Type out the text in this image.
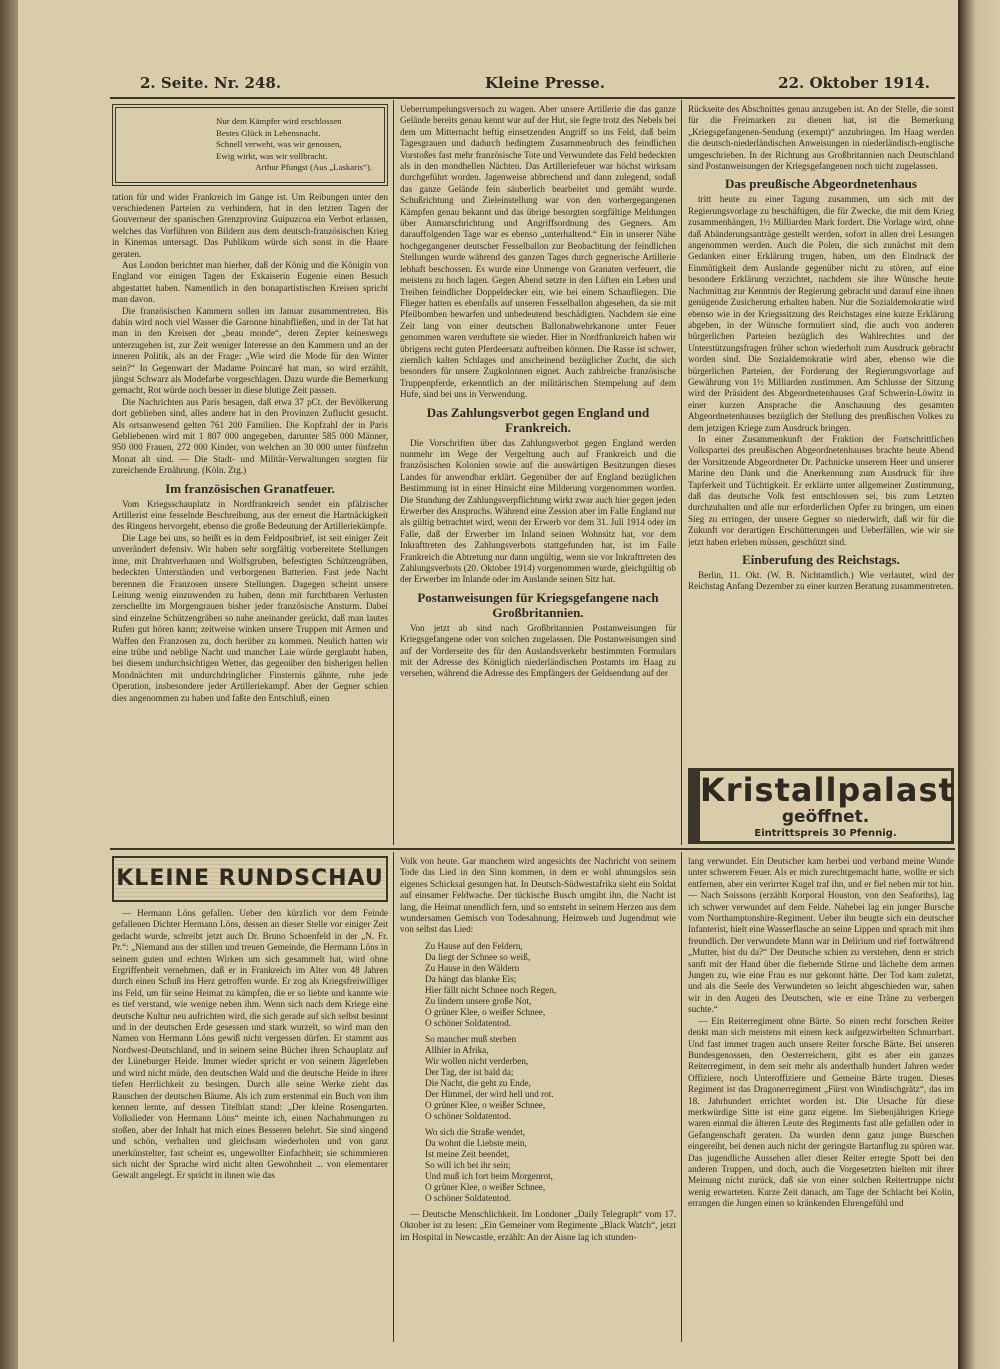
2. Seite. Nr. 248.	Kleine Presse.	22. Oktober 1914.
Nur dem Kämpfer wird erschlossen
Bestes Glück in Lebensnacht.
Schnell verweht, was wir genossen,
Ewig wirkt, was wir vollbracht.
Arthur Pfungst (Aus „Laskaris“).

tation für und wider Frankreich im Gange ist. Um Reibungen unter den verschiedenen Parteien zu verhindern, hat in den letzten Tagen der Gouverneur der spanischen Grenzprovinz Guipuzcoa ein Verbot erlassen, welches das Vorführen von Bildern aus dem deutsch-französischen Krieg in Kinemas untersagt. Das Publikum würde sich sonst in die Haare geraten.

Aus London berichtet man hierher, daß der König und die Königin von England vor einigen Tagen der Exkaiserin Eugenie einen Besuch abgestattet haben. Namentlich in den bonapartistischen Kreisen spricht man davon.

Die französischen Kammern sollen im Januar zusammentreten. Bis dahin wird noch viel Wasser die Garonne hinabfließen, und in der Tat hat man in den Kreisen der „beau monde“, deren Zepter keineswegs unterzugehen ist, zur Zeit weniger Interesse an den Kammern und an der inneren Politik, als an der Frage: „Wie wird die Mode für den Winter sein?“ In Gegenwart der Madame Poincaré hat man, so wird erzählt, jüngst Schwarz als Modefarbe vorgeschlagen. Dazu wurde die Bemerkung gemacht, Rot würde noch besser in diese blutige Zeit passen.

Die Nachrichten aus Paris besagen, daß etwa 37 pCt. der Bevölkerung dort geblieben sind, alles andere hat in den Provinzen Zuflucht gesucht. Als ortsanwesend gelten 761 200 Familien. Die Kopfzahl der in Paris Gebliebenen wird mit 1 807 000 angegeben, darunter 585 000 Männer, 950 000 Frauen, 272 000 Kinder, von welchen an 30 000 unter fünfzehn Monat alt sind. — Die Stadt- und Militär-Verwaltungen sorgten für zureichende Ernährung. (Köln. Ztg.)

Im französischen Granatfeuer.

Vom Kriegsschauplatz in Nordfrankreich sendet ein pfälzischer Artillerist eine fesselnde Beschreibung, aus der erneut die Hartnäckigkeit des Ringens hervorgeht, ebenso die große Bedeutung der Artilleriekämpfe.

Die Lage bei uns, so heißt es in dem Feldpostbrief, ist seit einiger Zeit unverändert defensiv. Wir haben sehr sorgfältig vorbereitete Stellungen inne, mit Drahtverhauen und Wolfsgruben, befestigten Schützengräben, bedeckten Unterständen und verborgenen Batterien. Fast jede Nacht berennen die Franzosen unsere Stellungen. Dagegen scheint unsere Leitung wenig einzuwenden zu haben, denn mit furchtbaren Verlusten zerschellte im Morgengrauen bisher jeder französische Ansturm. Dabei sind einzelne Schützengräben so nahe aneinander gerückt, daß man lautes Rufen gut hören kann; zeitweise winken unsere Truppen mit Armen und Waffen den Franzosen zu, doch herüber zu kommen. Neulich hatten wir eine trübe und neblige Nacht und mancher Laie würde gerglaubt haben, bei diesem undurchsichtigen Wetter, das gegenüber den bisherigen hellen Mondnächten mit undurchdringlicher Finsternis gähnte, ruhe jede Operation, insbesondere jeder Artilleriekampf. Aber der Gegner schien dies angenommen zu haben und faßte den Entschluß, einen

Ueberrumpelungsversuch zu wagen. Aber unsere Artillerie die das ganze Gelände bereits genau kennt war auf der Hut, sie fegte trotz des Nebels bei dem um Mitternacht heftig einsetzenden Angriff so ins Feld, daß beim Tagesgrauen und dadurch bedingtem Zusammenbruch des feindlichen Vorstoßes fast mehr französische Tote und Verwundete das Feld bedeckten als in den mondhellen Nächten. Das Artilleriefeuer war höchst wirksam durchgeführt worden. Jagenweise abbrechend und dann zulegend, sodaß das ganze Gelände fein säuberlich bearbeitet und gemäht wurde. Schußrichtung und Zieleinstellung war von den vorhergegangenen Kämpfen genau bekannt und das übrige besorgten sorgfältige Meldungen über Anmarschrichtung und Angriffsordnung des Gegners. Am darauffolgenden Tage war es ebenso „unterhaltend.“ Ein in unserer Nähe hochgegangener deutscher Fesselballon zur Beobachtung der feindlichen Stellungen wurde während des ganzen Tages durch gegnerische Artillerie lebhaft beschossen. Es wurde eine Unmenge von Granaten verfeuert, die meistens zu hoch lagen. Gegen Abend setzte in den Lüften ein Leben und Treiben feindlicher Doppeldecker ein, wie bei einem Schaufliegen. Die Flieger hatten es ebenfalls auf unseren Fesselballon abgesehen, da sie mit Pfeilbomben bewarfen und unbedeutend beschädigten. Nachdem sie eine Zeit lang von einer deutschen Ballonabwehrkanone unter Feuer genommen waren verduftete sie wieder. Hier in Nordfrankreich haben wir übrigens recht guten Pferdeersatz auftreiben können. Die Rasse ist schwer, ziemlich kalten Schlages und anscheinend bezüglicher Zucht, die sich besonders für unsere Zugkolonnen eignet. Auch zahlreiche französische Truppenpferde, erkenntlich an der militärischen Stempelung auf dem Hufe, sind bei uns in Verwendung.

Das Zahlungsverbot gegen England und Frankreich.

Die Vorschriften über das Zahlungsverbot gegen England werden nunmehr im Wege der Vergeltung auch auf Frankreich und die französischen Kolonien sowie auf die auswärtigen Besitzungen dieses Landes für anwendbar erklärt. Gegenüber der auf England bezüglichen Bestimmung ist in einer Hinsicht eine Milderung vorgenommen worden. Die Stundung der Zahlungsverpflichtung wirkt zwar auch hier gegen jeden Erwerber des Anspruchs. Während eine Zession aber im Falle England nur als gültig betrachtet wird, wenn der Erwerb vor dem 31. Juli 1914 oder im Falle, daß der Erwerber im Inland seinen Wohnsitz hat, vor dem Inkrafttreten des Zahlungsverbots stattgefunden hat, ist im Falle Frankreich die Abtretung nur dann ungültig, wenn sie vor Inkrafttreten des Zahlungsverbots (20. Oktober 1914) vorgenommen wurde, gleichgültig ob der Erwerber im Inlande oder im Auslande seinen Sitz hat.

Postanweisungen für Kriegsgefangene nach Großbritannien.

Von jetzt ab sind nach Großbritannien Postanweisungen für Kriegsgefangene oder von solchen zugelassen. Die Postanweisungen sind auf der Vorderseite des für den Auslandsverkehr bestimmten Formulars mit der Adresse des Königlich niederländischen Postamts im Haag zu versehen, während die Adresse des Empfängers der Geldsendung auf der

Rückseite des Abschnittes genau anzugeben ist. An der Stelle, die sonst für die Freimarken zu dienen hat, ist die Bemerkung „Kriegsgefangenen-Sendung (exempt)“ anzubringen. Im Haag werden die deutsch-niederländischen Anweisungen in niederländisch-englische umgeschrieben. In der Richtung aus Großbritannien nach Deutschland sind Postanweisungen der Kriegsgefangenen noch nicht zugelassen.

Das preußische Abgeordnetenhaus

tritt heute zu einer Tagung zusammen, um sich mit der Regierungsvorlage zu beschäftigen, die für Zwecke, die mit dem Krieg zusammenhängen, 1½ Milliarden Mark fordert. Die Vorlage wird, ohne daß Abänderungsanträge gestellt werden, sofort in allen drei Lesungen angenommen werden. Auch die Polen, die sich zunächst mit dem Gedanken einer Erklärung trugen, haben, um den Eindruck der Einmütigkeit dem Auslande gegenüber nicht zu stören, auf eine besondere Erklärung verzichtet, nachdem sie ihre Wünsche heute Nachmittag zur Kenntnis der Regierung gebracht und darauf eine ihnen genügende Zusicherung erhalten haben. Nur die Sozialdemokratie wird ebenso wie in der Kriegssitzung des Reichstages eine kurze Erklärung abgeben, in der Wünsche formuliert sind, die auch von anderen bürgerlichen Parteien bezüglich des Wahlrechtes und der Unterstützungsfragen früher schon wiederholt zum Ausdruck gebracht worden sind. Die Sozialdemokratie wird aber, ebenso wie die bürgerlichen Parteien, der Forderung der Regierungsvorlage auf Gewährung von 1½ Milliarden zustimmen. Am Schlusse der Sitzung wird der Präsident des Abgeordnetenhauses Graf Schwerin-Löwitz in einer kurzen Ansprache die Anschauung des gesamten Abgeordnetenhauses bezüglich der Stellung des preußischen Volkes zu dem jetzigen Kriege zum Ausdruck bringen.

In einer Zusammenkunft der Fraktion der Fortschrittlichen Volkspartei des preußischen Abgeordnetenhauses brachte heute Abend der Vorsitzende Abgeordneter Dr. Pachnicke unserem Heer und unserer Marine den Dank und die Anerkennung zum Ausdruck für ihre Tapferkeit und Tüchtigkeit. Er erklärte unter allgemeiner Zustimmung, daß das deutsche Volk fest entschlossen sei, bis zum Letzten durchzuhalten und alle nur erforderlichen Opfer zu bringen, um einen Sieg zu erringen, der unsere Gegner so niederwirft, daß wir für die Zukunft vor derartigen Erschütterungen und Ueberfällen, wie wir sie jetzt haben erleben müssen, geschützt sind.

Einberufung des Reichstags.

Berlin, 11. Okt. (W. B. Nichtamtlich.) Wie verlautet, wird der Reichstag Anfang Dezember zu einer kurzen Beratung zusammentreten.

Kristallpalast
geöffnet.
Eintrittspreis 30 Pfennig.
KLEINE RUNDSCHAU

— Hermann Löns gefallen. Ueber den kürzlich vor dem Feinde gefallenen Dichter Hermann Löns, dessen an dieser Stelle vor einiger Zeit gedacht wurde, schreibt jetzt auch Dr. Bruno Schoenfeld in der „N. Fr. Pr.“: „Niemand aus der stillen und treuen Gemeinde, die Hermann Löns in seinem guten und echten Wirken um sich gesammelt hat, wird ohne Ergriffenheit vernehmen, daß er in Frankreich im Alter von 48 Jahren durch einen Schuß ins Herz getroffen wurde. Er zog als Kriegsfreiwilliger ins Feld, um für seine Heimat zu kämpfen, die er so liebte und kannte wie es tief verstand, wie wenige neben ihm. Wenn sich nach dem Kriege eine deutsche Kultur neu aufrichten wird, die sich gerade auf sich selbst besinnt und in der deutschen Erde gesessen und stark wurzelt, so wird man den Namen von Hermann Löns gewiß nicht vergessen dürfen. Er stammt aus Nordwest-Deutschland, und in seinem seine Bücher ihren Schauplatz auf der Lüneburger Heide. Immer wieder spricht er von seinem Jägerleben und wird nicht müde, den deutschen Wald und die deutsche Heide in ihrer tiefen Herrlichkeit zu besingen. Durch alle seine Werke zieht das Rauschen der deutschen Bäume. Als ich zum erstenmal ein Buch von ihm kennen lernte, auf dessen Titelblatt stand: „Der kleine Rosengarten. Volkslieder von Hermann Löns“ meinte ich, einen Nachahmungen zu stoßen, aber der Inhalt hat mich eines Besseren belehrt. Sie sind singend und schön, verhalten und gleichsam wiederholen und von ganz unerkünstelter, fast scheint es, ungewollter Einfachheit; sie schimmieren sich nicht der Sprache wird nicht alten Gewohnheit ... von elementarer Gewalt angelegt. Er spricht in ihnen wie das

Volk von heute. Gar manchem wird angesichts der Nachricht von seinem Tode das Lied in den Sinn kommen, in dem er wohl ahnungslos sein eigenes Schicksal gesungen hat. In Deutsch-Südwestafrika sieht ein Soldat auf einsamer Feldwache. Der tückische Busch umgibt ihn, die Nacht ist lang, die Heimat unendlich fern, und so entsteht in seinem Herzen aus dem wundersamen Gemisch von Todesahnung, Heimweh und Jugendmut wie von selbst das Lied:

Zu Hause auf den Feldern,
Da liegt der Schnee so weiß,
Zu Hause in den Wäldern
Da hängt das blanke Eis;
Hier fällt nicht Schnee noch Regen,
Zu lindern unsere große Not,
O grüner Klee, o weißer Schnee,
O schöner Soldatentod.
So mancher muß sterben
Allhier in Afrika,
Wir wollen nicht verderben,
Der Tag, der ist bald da;
Die Nacht, die geht zu Ende,
Der Himmel, der wird hell und rot.
O grüner Klee, o weißer Schnee,
O schöner Soldatentod.
Wo sich die Straße wendet,
Da wohnt die Liebste mein,
Ist meine Zeit beendet,
So will ich bei ihr sein;
Und muß ich fort beim Morgenrot,
O grüner Klee, o weißer Schnee,
O schöner Soldatentod.

— Deutsche Menschlichkeit. Im Londoner „Daily Telegraph“ vom 17. Oktober ist zu lesen: „Ein Gemeiner vom Regimente „Black Watch“, jetzt im Hospital in Newcastle, erzählt: An der Aisne lag ich stunden-

lang verwundet. Ein Deutscher kam herbei und verband meine Wunde unter schwerem Feuer. Als er mich zurechtgemacht hatte, wollte er sich entfernen, aber ein verirrter Kugel traf ihn, und er fiel neben mir tot hin. — Nach Soissons (erzählt Korporal Houston, von den Seaforths), lag ich schwer verwundet auf dem Felde. Nahebei lag ein junger Bursche vom Northamptonshire-Regiment. Ueber ihn beugte sich ein deutscher Infanterist, hielt eine Wasserflasche an seine Lippen und sprach mit ihm freundlich. Der verwundete Mann war in Delirium und rief fortwährend „Mutter, bist du da?“ Der Deutsche schien zu verstehen, denn er strich sanft mit der Hand über die fiebernde Stirne und lächelte dem armen Jungen zu, wie eine Frau es nur gekonnt hätte. Der Tod kam zuletzt, und als die Seele des Verwundeten so leicht abgeschieden war, sahen wir in den Augen des Deutschen, wie er eine Träne zu verbergen suchte.“

— Ein Reiterregiment ohne Bärte. So einen recht forschen Reiter denkt man sich meistens mit einem keck aufgezwirbelten Schnurrbart. Und fast immer tragen auch unsere Reiter forsche Bärte. Bei unseren Bundesgenossen, den Oesterreichern, gibt es aber ein ganzes Reiterregiment, in dem seit mehr als anderthalb hundert Jahren weder Offiziere, noch Unteroffiziere und Gemeine Bärte tragen. Dieses Regiment ist das Dragonerregiment „Fürst von Windischgrätz“, das im 18. Jahrhundert errichtet worden ist. Die Ursache für diese merkwürdige Sitte ist eine ganz eigene. Im Siebenjährigen Kriege waren einmal die älteren Leute des Regiments fast alle gefallen oder in Gefangenschaft geraten. Da wurden denn ganz junge Burschen eingereiht, bei denen auch nicht der geringste Bartanflug zu spüren war. Das jugendliche Aussehen aller dieser Reiter erregte Spott bei den anderen Truppen, und doch, auch die Vorgesetzten hielten mit ihrer Meinung nicht zurück, daß sie von einer solchen Reitertruppe nicht wenig erwarteten. Kurze Zeit danach, am Tage der Schlacht bei Kolin, errangen die Jungen einen so kränkenden Ehrengefühl und
